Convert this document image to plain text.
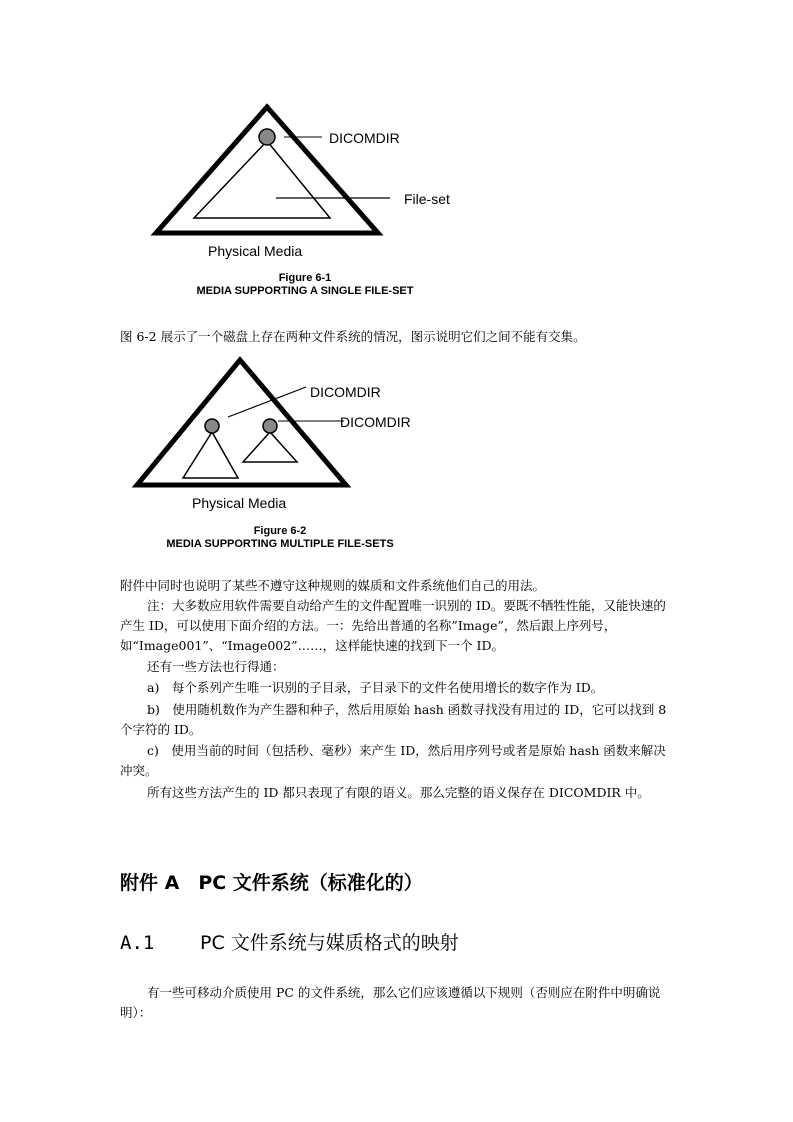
DICOMDIR
File-set
Physical Media
Figure 6-1
MEDIA SUPPORTING A SINGLE FILE-SET
图 6-2 展示了一个磁盘上存在两种文件系统的情况，图示说明它们之间不能有交集。
DICOMDIR
DICOMDIR
Physical Media
Figure 6-2
MEDIA SUPPORTING MULTIPLE FILE-SETS
附件中同时也说明了某些不遵守这种规则的媒质和文件系统他们自己的用法。
注：大多数应用软件需要自动给产生的文件配置唯一识别的 ID。要既不牺牲性能，又能快速的产生 ID，可以使用下面介绍的方法。一：先给出普通的名称”Image”，然后跟上序列号，如“Image001”、“Image002”……，这样能快速的找到下一个 ID。
还有一些方法也行得通：
a)　每个系列产生唯一识别的子目录，子目录下的文件名使用增长的数字作为 ID。
b)　使用随机数作为产生器和种子，然后用原始 hash 函数寻找没有用过的 ID，它可以找到 8 个字符的 ID。
c)　使用当前的时间（包括秒、毫秒）来产生 ID，然后用序列号或者是原始 hash 函数来解决冲突。
所有这些方法产生的 ID 都只表现了有限的语义。那么完整的语义保存在 DICOMDIR 中。
附件 A　PC 文件系统（标准化的）
A.1 PC 文件系统与媒质格式的映射
有一些可移动介质使用 PC 的文件系统，那么它们应该遵循以下规则（否则应在附件中明确说明）：
